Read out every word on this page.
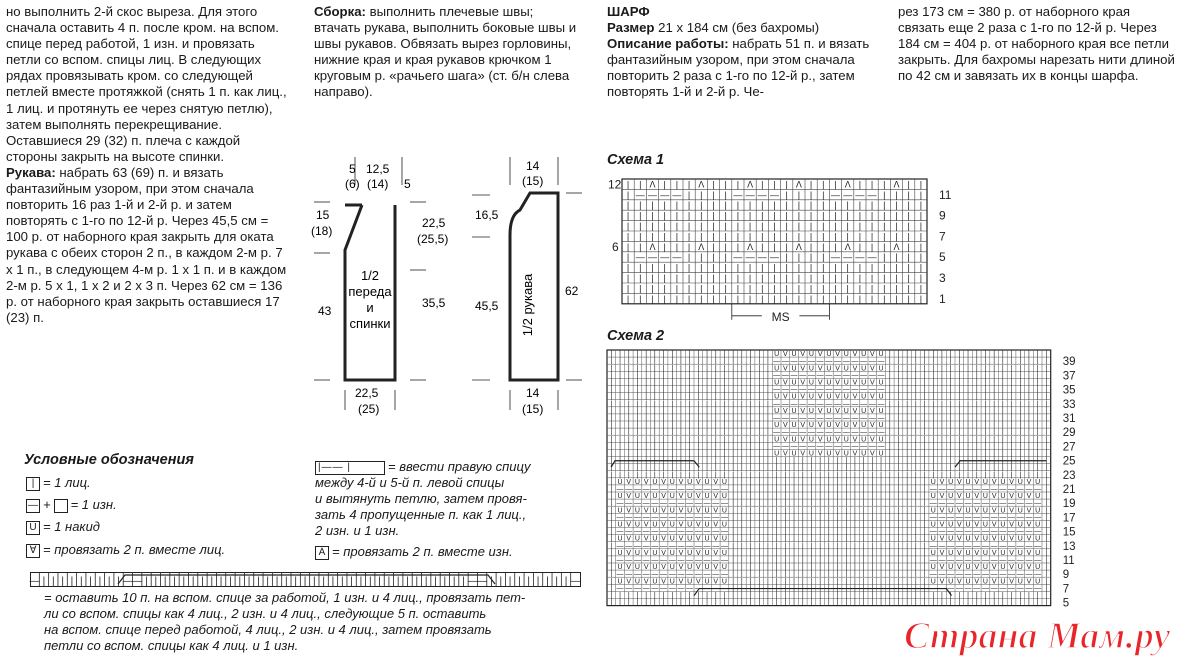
но выполнить 2-й скос выреза. Для этого сначала оставить 4 п. после кром. на вспом. спице перед работой, 1 изн. и провязать петли со вспом. спицы лиц. В следующих рядах провязывать кром. со следующей петлей вместе протяжкой (снять 1 п. как лиц., 1 лиц. и протянуть ее через снятую петлю), затем выполнять перекрещивание. Оставшиеся 29 (32) п. плеча с каждой стороны закрыть на высоте спинки.

Рукава: набрать 63 (69) п. и вязать фантазийным узором, при этом сначала повторить 16 раз 1-й и 2-й р. и затем повторять с 1-го по 12-й р. Через 45,5 см = 100 р. от наборного края закрыть для оката рукава с обеих сторон 2 п., в каждом 2-м р. 7 х 1 п., в следующем 4-м р. 1 х 1 п. и в каждом 2-м р. 5 х 1, 1 х 2 и 2 х 3 п. Через 62 см = 136 р. от наборного края закрыть оставшиеся 17 (23) п.

Сборка: выполнить плечевые швы; втачать рукава, выполнить боковые швы и швы рукавов. Обвязать вырез горловины, нижние края и края рукавов крючком 1 круговым р. «рачьего шага» (ст. б/н слева направо).

ШАРФ

Размер 21 х 184 см (без бахромы)

Описание работы: набрать 51 п. и вязать фантазийным узором, при этом сначала повторить 2 раза с 1-го по 12-й р., затем повторять 1-й и 2-й р. Че-

рез 173 см = 380 р. от наборного края связать еще 2 раза с 1-го по 12-й р. Через 184 см = 404 р. от наборного края все петли закрыть. Для бахромы нарезать нити длиной по 42 см и завязать их в концы шарфа.

1/2
переда
и
спинки
5
(6)
12,5
(14) 5
15
(18)
43
22,5
(25,5)
35,5
22,5
(25)
1/2 рукава
14
(15)
16,5
45,5
62
14
(15)
Условные обозначения
| = 1 лиц.
— + = 1 изн.
U = 1 накид
∀ = провязать 2 п. вместе лиц.	Ā = провязать 2 п. вместе изн.
|—— |	= ввести правую спицу
между 4-й и 5-й п. левой спицы
и вытянуть петлю, затем провя-
зать 4 пропущенные п. как 1 лиц.,
2 изн. и 1 изн.
— | | | | | | | | | — — | | | | | | | | | | | | | | | | | | | | | | | | | | | | | | | | | | | — — | | | | | | | | | —
= оставить 10 п. на вспом. спице за работой, 1 изн. и 4 лиц., провязать пет-
ли со вспом. спицы как 4 лиц., 2 изн. и 4 лиц., следующие 5 п. оставить
на вспом. спице перед работой, 4 лиц., 2 изн. и 4 лиц., затем провязать
петли со вспом. спицы как 4 лиц. и 1 изн.
Схема 1
| | Λ | | | Λ | | | Λ | | | Λ | | | Λ | | | Λ | |
| — — — — | | | | — — — — | | | | — — — — | | | |
| | | | | | | | | | | | | | | | | | | | | | | | |
| | | | | | | | | | | | | | | | | | | | | | | | |
| | | | | | | | | | | | | | | | | | | | | | | | |
| | | | | | | | | | | | | | | | | | | | | | | | |
| | Λ | | | Λ | | | Λ | | | Λ | | | Λ | | | Λ | |
| — — — — | | | | — — — — | | | | — — — — | | | |
| | | | | | | | | | | | | | | | | | | | | | | | |
| | | | | | | | | | | | | | | | | | | | | | | | |
| | | | | | | | | | | | | | | | | | | | | | | | |
| | | | | | | | | | | | | | | | | | | | | | | | |
12
6
11
9
7
5
3
1
MS
Схема 2
| | | | | | | | | | | | | | | | | | | U V U V U V U V U V U V U | | | | | | | | | | | | | | | | | | |
| | | | | | | | | | | | | | | | | | | — — — — — — — — — — — — — | | | | | | | | | | | | | | | | | | |
| | | | | | | | | | | | | | | | | | | U V U V U V U V U V U V U | | | | | | | | | | | | | | | | | | |
| | | | | | | | | | | | | | | | | | | — — — — — — — — — — — — — | | | | | | | | | | | | | | | | | | |
| | | | | | | | | | | | | | | | | | | U V U V U V U V U V U V U | | | | | | | | | | | | | | | | | | |
| | | | | | | | | | | | | | | | | | | — — — — — — — — — — — — — | | | | | | | | | | | | | | | | | | |
| | | | | | | | | | | | | | | | | | | U V U V U V U V U V U V U | | | | | | | | | | | | | | | | | | |
| | | | | | | | | | | | | | | | | | | — — — — — — — — — — — — — | | | | | | | | | | | | | | | | | | |
| | | | | | | | | | | | | | | | | | | U V U V U V U V U V U V U | | | | | | | | | | | | | | | | | | |
| | | | | | | | | | | | | | | | | | | — — — — — — — — — — — — — | | | | | | | | | | | | | | | | | | |
| | | | | | | | | | | | | | | | | | | U V U V U V U V U V U V U | | | | | | | | | | | | | | | | | | |
| | | | | | | | | | | | | | | | | | | — — — — — — — — — — — — — | | | | | | | | | | | | | | | | | | |
| | | | | | | | | | | | | | | | | | | U V U V U V U V U V U V U | | | | | | | | | | | | | | | | | | |
| | | | | | | | | | | | | | | | | | | — — — — — — — — — — — — — | | | | | | | | | | | | | | | | | | |
| | | | | | | | | | | | | | | | | | | U V U V U V U V U V U V U | | | | | | | | | | | | | | | | | | |
| | | | | | | | | | | | | | | | | | | | | | | | | | | | | | | | | | | | | | | | | | | | | | | | | | |
| | | | | | | | | | | | | | | | | | | | | | | | | | | | | | | | | | | | | | | | | | | | | | | | | | |
| | | | | | | | | | | | | | | | | | | | | | | | | | | | | | | | | | | | | | | | | | | | | | | | | | |
| U V U V U V U V U V U V U | | | | | | | | | | | | | | | | | | | | | | | U V U V U V U V U V U V U |
| — — — — — — — — — — — — — | | | | | | | | | | | | | | | | | | | | | | | — — — — — — — — — — — — — |
| U V U V U V U V U V U V U | | | | | | | | | | | | | | | | | | | | | | | U V U V U V U V U V U V U |
| — — — — — — — — — — — — — | | | | | | | | | | | | | | | | | | | | | | | — — — — — — — — — — — — — |
| U V U V U V U V U V U V U | | | | | | | | | | | | | | | | | | | | | | | U V U V U V U V U V U V U |
| — — — — — — — — — — — — — | | | | | | | | | | | | | | | | | | | | | | | — — — — — — — — — — — — — |
| U V U V U V U V U V U V U | | | | | | | | | | | | | | | | | | | | | | | U V U V U V U V U V U V U |
| — — — — — — — — — — — — — | | | | | | | | | | | | | | | | | | | | | | | — — — — — — — — — — — — — |
| U V U V U V U V U V U V U | | | | | | | | | | | | | | | | | | | | | | | U V U V U V U V U V U V U |
| — — — — — — — — — — — — — | | | | | | | | | | | | | | | | | | | | | | | — — — — — — — — — — — — — |
| U V U V U V U V U V U V U | | | | | | | | | | | | | | | | | | | | | | | U V U V U V U V U V U V U |
| — — — — — — — — — — — — — | | | | | | | | | | | | | | | | | | | | | | | — — — — — — — — — — — — — |
| U V U V U V U V U V U V U | | | | | | | | | | | | | | | | | | | | | | | U V U V U V U V U V U V U |
| — — — — — — — — — — — — — | | | | | | | | | | | | | | | | | | | | | | | — — — — — — — — — — — — — |
| U V U V U V U V U V U V U | | | | | | | | | | | | | | | | | | | | | | | U V U V U V U V U V U V U |
| — — — — — — — — — — — — — | | | | | | | | | | | | | | | | | | | | | | | — — — — — — — — — — — — — |
| | | | | | | | | | | | | | | | | | | | | | | | | | | | | | | | | | | | | | | | | | | | | | | | | | |
| | | | | | | | | | | | | | | | | | | | | | | | | | | | | | | | | | | | | | | | | | | | | | | | | | |
39
37
35
33
31
29
27
25
23
21
19
17
15
13
11
9
7
5
Страна Мам.ру
